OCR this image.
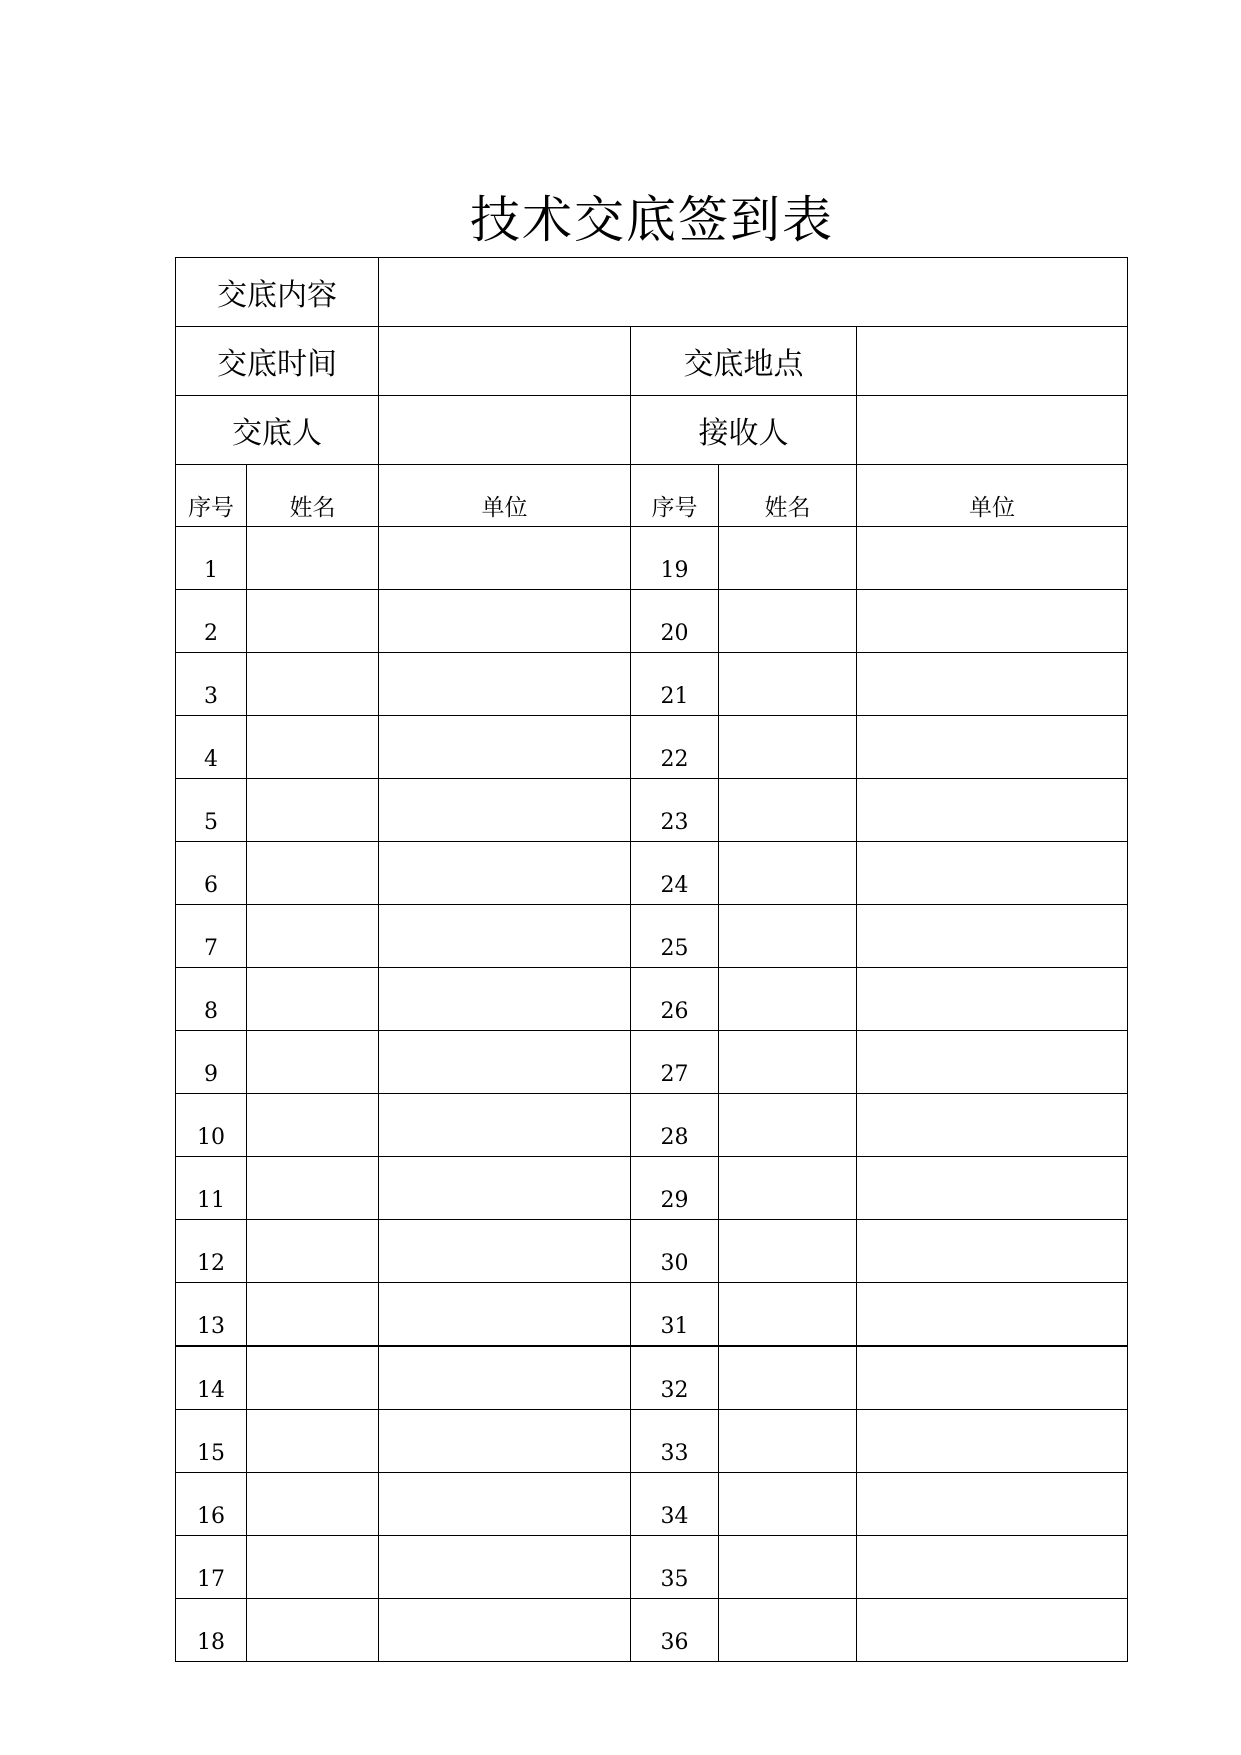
技术交底签到表
交底内容					
交底时间			交底地点		
交底人			接收人		
序号	姓名	单位	序号	姓名	单位
1			19		
2			20		
3			21		
4			22		
5			23		
6			24		
7			25		
8			26		
9			27		
10			28		
11			29		
12			30		
13			31		
14			32		
15			33		
16			34		
17			35		
18			36		
